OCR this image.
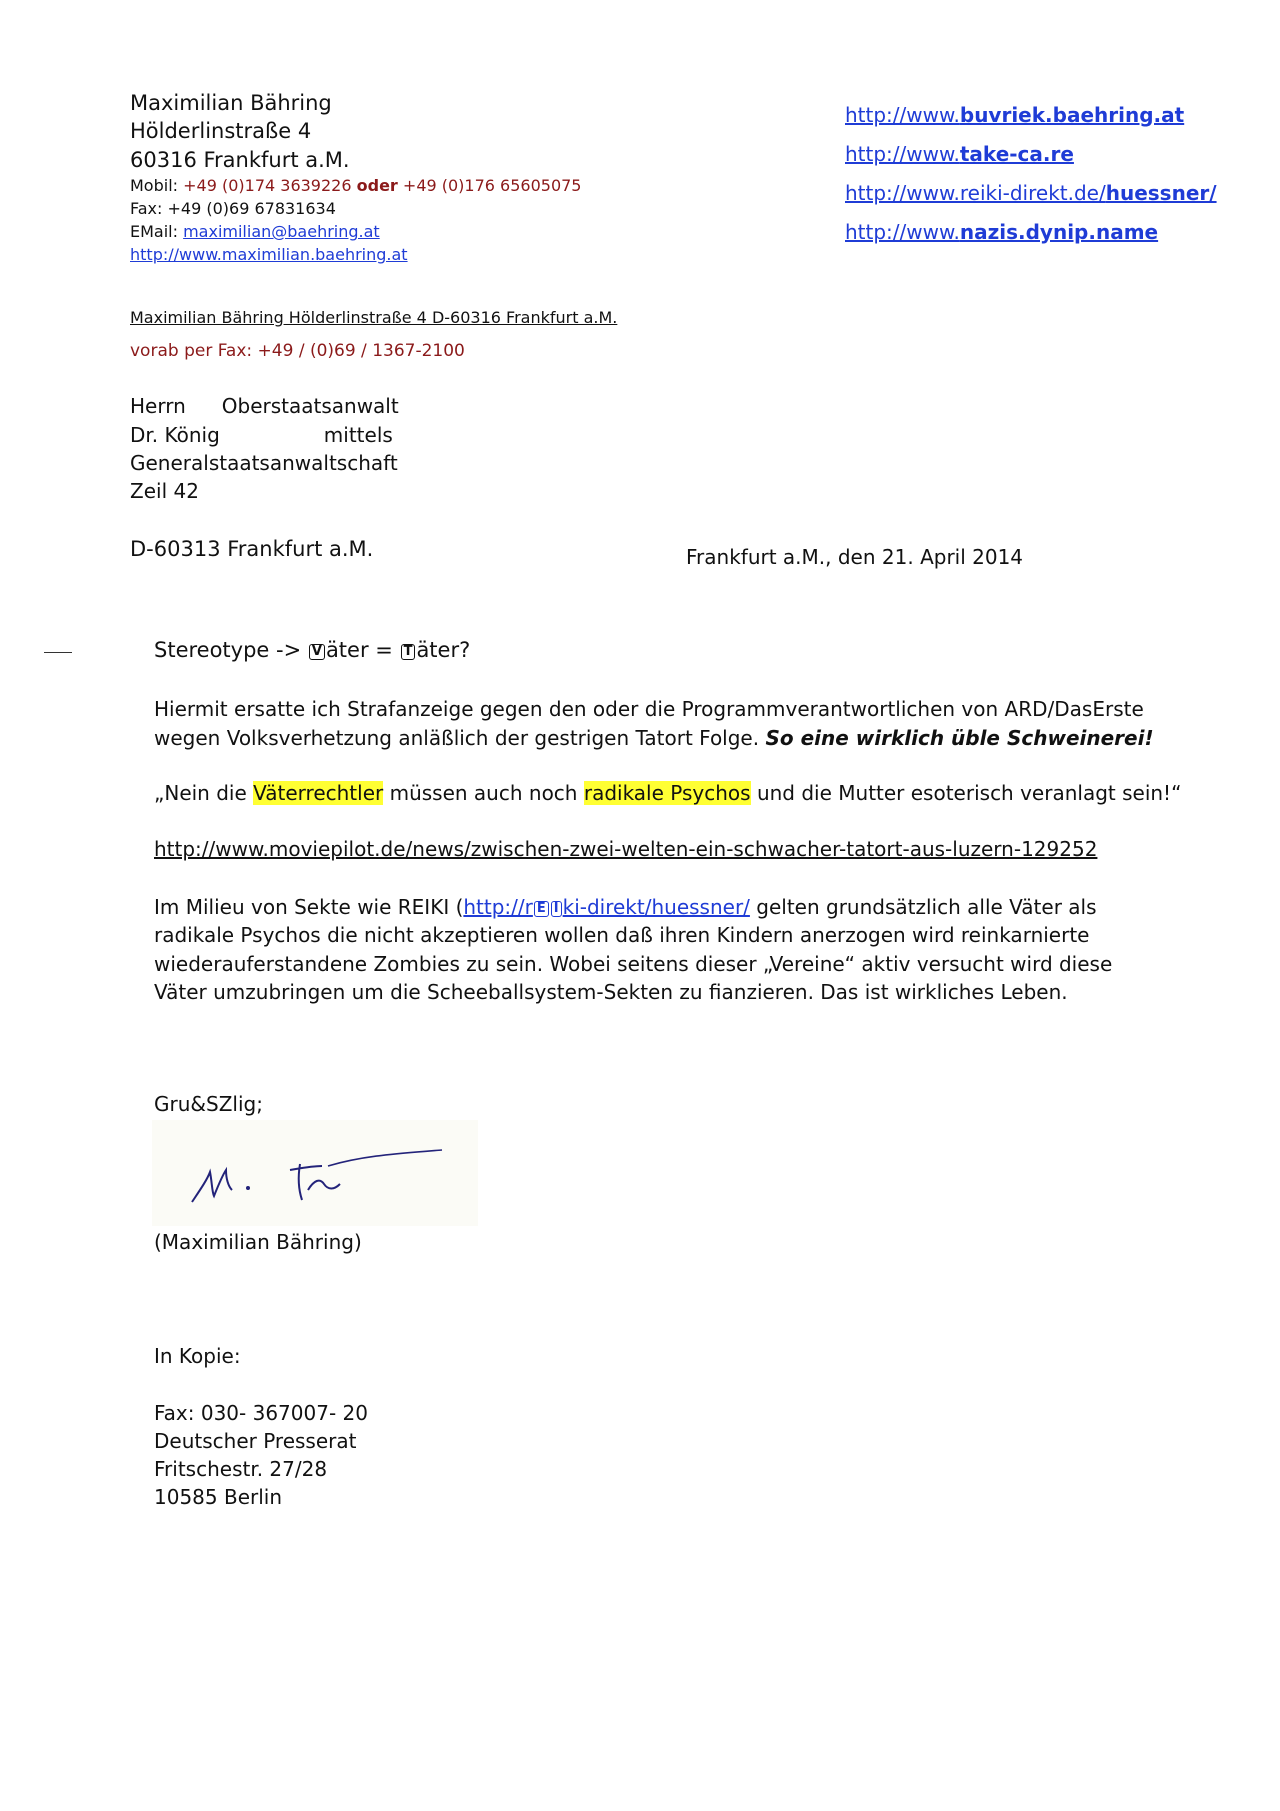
Maximilian Bähring
Hölderlinstraße 4
60316 Frankfurt a.M.
Mobil: +49 (0)174 3639226 oder +49 (0)176 65605075
Fax: +49 (0)69 67831634
EMail: maximilian@baehring.at
http://www.maximilian.baehring.at
http://www.buvriek.baehring.at
http://www.take-ca.re
http://www.reiki-direkt.de/huessner/
http://www.nazis.dynip.name
Maximilian Bähring Hölderlinstraße 4 D-60316 Frankfurt a.M.
vorab per Fax: +49 / (0)69 / 1367-2100
Herrn Oberstaatsanwalt
Dr. König	mittels
Generalstaatsanwaltschaft
Zeil 42
D-60313 Frankfurt a.M.	Frankfurt a.M., den 21. April 2014
Stereotype -> V äter = T äter?
Hiermit ersatte ich Strafanzeige gegen den oder die Programmverantwortlichen von ARD/DasErste
wegen Volksverhetzung anläßlich der gestrigen Tatort Folge. So eine wirklich üble Schweinerei!
„Nein die Väterrechtler müssen auch noch radikale Psychos und die Mutter esoterisch veranlagt sein!“
http://www.moviepilot.de/news/zwischen-zwei-welten-ein-schwacher-tatort-aus-luzern-129252
Im Milieu von Sekte wie REIKI (http://r E I ki-direkt/huessner/ gelten grundsätzlich alle Väter als
radikale Psychos die nicht akzeptieren wollen daß ihren Kindern anerzogen wird reinkarnierte
wiederauferstandene Zombies zu sein. Wobei seitens dieser „Vereine“ aktiv versucht wird diese
Väter umzubringen um die Scheeballsystem-Sekten zu fianzieren. Das ist wirkliches Leben.
Gru&SZlig;
(Maximilian Bähring)
In Kopie:
Fax: 030- 367007- 20
Deutscher Presserat
Fritschestr. 27/28
10585 Berlin
